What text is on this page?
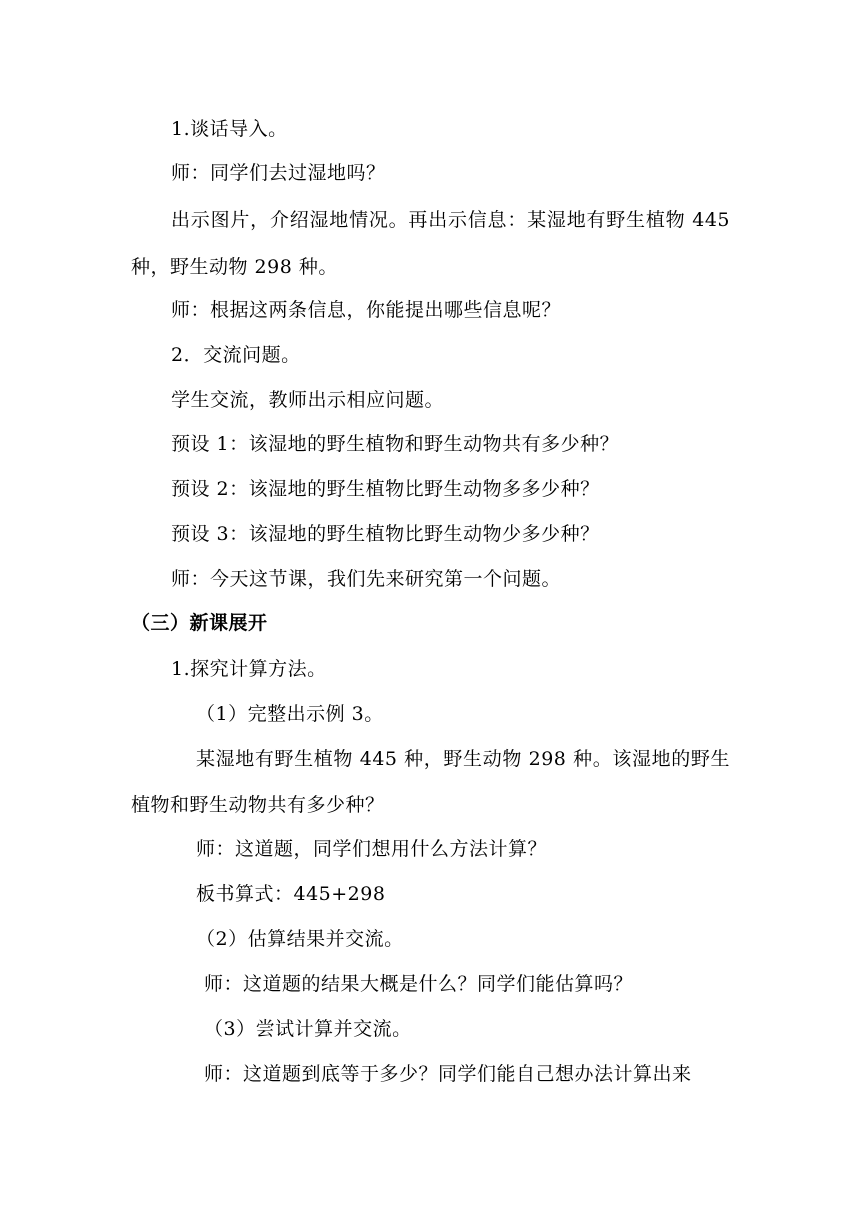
1.谈话导入。
师：同学们去过湿地吗？
出示图片，介绍湿地情况。再出示信息：某湿地有野生植物 445
种，野生动物 298 种。
师：根据这两条信息，你能提出哪些信息呢？
2．交流问题。
学生交流，教师出示相应问题。
预设 1：该湿地的野生植物和野生动物共有多少种？
预设 2：该湿地的野生植物比野生动物多多少种？
预设 3：该湿地的野生植物比野生动物少多少种？
师：今天这节课，我们先来研究第一个问题。
（三）新课展开
1.探究计算方法。
（1）完整出示例 3。
某湿地有野生植物 445 种，野生动物 298 种。该湿地的野生
植物和野生动物共有多少种？
师：这道题，同学们想用什么方法计算？
板书算式：445+298
（2）估算结果并交流。
师：这道题的结果大概是什么？同学们能估算吗？
（3）尝试计算并交流。
师：这道题到底等于多少？同学们能自己想办法计算出来
